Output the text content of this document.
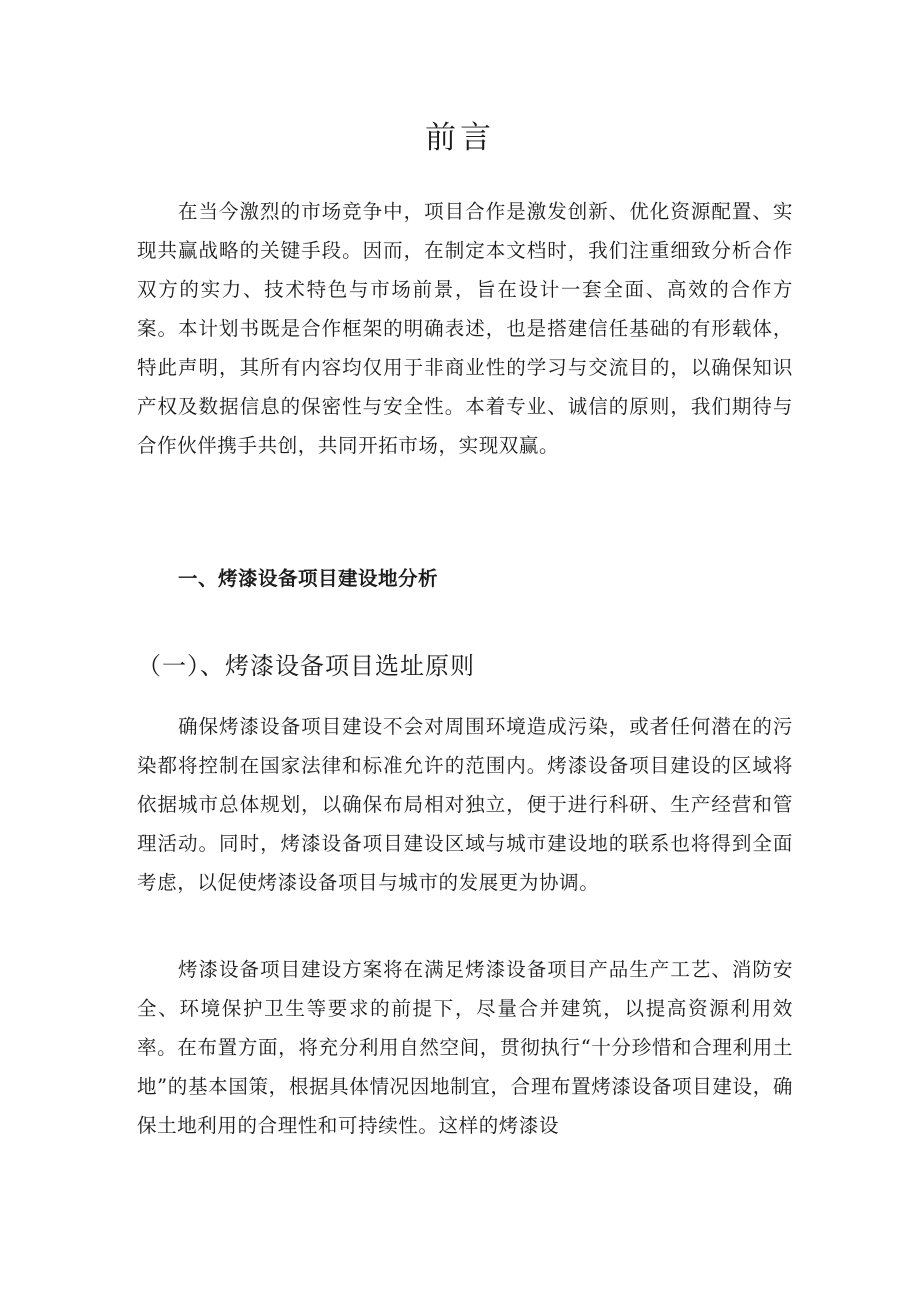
前言

在当今激烈的市场竞争中，项目合作是激发创新、优化资源配置、实现共赢战略的关键手段。因而，在制定本文档时，我们注重细致分析合作双方的实力、技术特色与市场前景，旨在设计一套全面、高效的合作方案。本计划书既是合作框架的明确表述，也是搭建信任基础的有形载体，特此声明，其所有内容均仅用于非商业性的学习与交流目的，以确保知识产权及数据信息的保密性与安全性。本着专业、诚信的原则，我们期待与合作伙伴携手共创，共同开拓市场，实现双赢。

一、烤漆设备项目建设地分析
（一）、烤漆设备项目选址原则

确保烤漆设备项目建设不会对周围环境造成污染，或者任何潜在的污染都将控制在国家法律和标准允许的范围内。烤漆设备项目建设的区域将依据城市总体规划，以确保布局相对独立，便于进行科研、生产经营和管理活动。同时，烤漆设备项目建设区域与城市建设地的联系也将得到全面考虑，以促使烤漆设备项目与城市的发展更为协调。

烤漆设备项目建设方案将在满足烤漆设备项目产品生产工艺、消防安全、环境保护卫生等要求的前提下，尽量合并建筑，以提高资源利用效率。在布置方面，将充分利用自然空间，贯彻执行“十分珍惜和合理利用土地”的基本国策，根据具体情况因地制宜，合理布置烤漆设备项目建设，确保土地利用的合理性和可持续性。这样的烤漆设
